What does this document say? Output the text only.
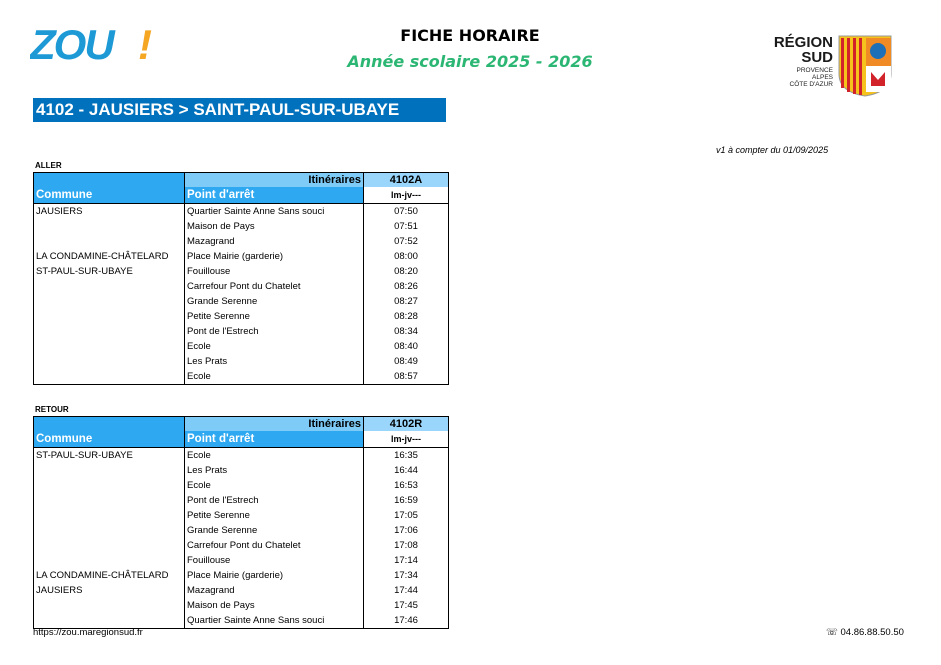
ZOU !	FICHE HORAIRE
Année scolaire 2025 - 2026
RÉGION
SUD
PROVENCE
ALPES
CÔTE D'AZUR
4102 - JAUSIERS > SAINT-PAUL-SUR-UBAYE
v1 à compter du 01/09/2025
ALLER
	Itinéraires	4102A
Commune	Point d'arrêt	lm-jv---
JAUSIERS	Quartier Sainte Anne Sans souci	07:50
	Maison de Pays	07:51
	Mazagrand	07:52
LA CONDAMINE-CHÂTELARD	Place Mairie (garderie)	08:00
ST-PAUL-SUR-UBAYE	Fouillouse	08:20
	Carrefour Pont du Chatelet	08:26
	Grande Serenne	08:27
	Petite Serenne	08:28
	Pont de l'Estrech	08:34
	Ecole	08:40
	Les Prats	08:49
	Ecole	08:57
RETOUR
	Itinéraires	4102R
Commune	Point d'arrêt	lm-jv---
ST-PAUL-SUR-UBAYE	Ecole	16:35
	Les Prats	16:44
	Ecole	16:53
	Pont de l'Estrech	16:59
	Petite Serenne	17:05
	Grande Serenne	17:06
	Carrefour Pont du Chatelet	17:08
	Fouillouse	17:14
LA CONDAMINE-CHÂTELARD	Place Mairie (garderie)	17:34
JAUSIERS	Mazagrand	17:44
	Maison de Pays	17:45
	Quartier Sainte Anne Sans souci	17:46
https://zou.maregionsud.fr	☏ 04.86.88.50.50
